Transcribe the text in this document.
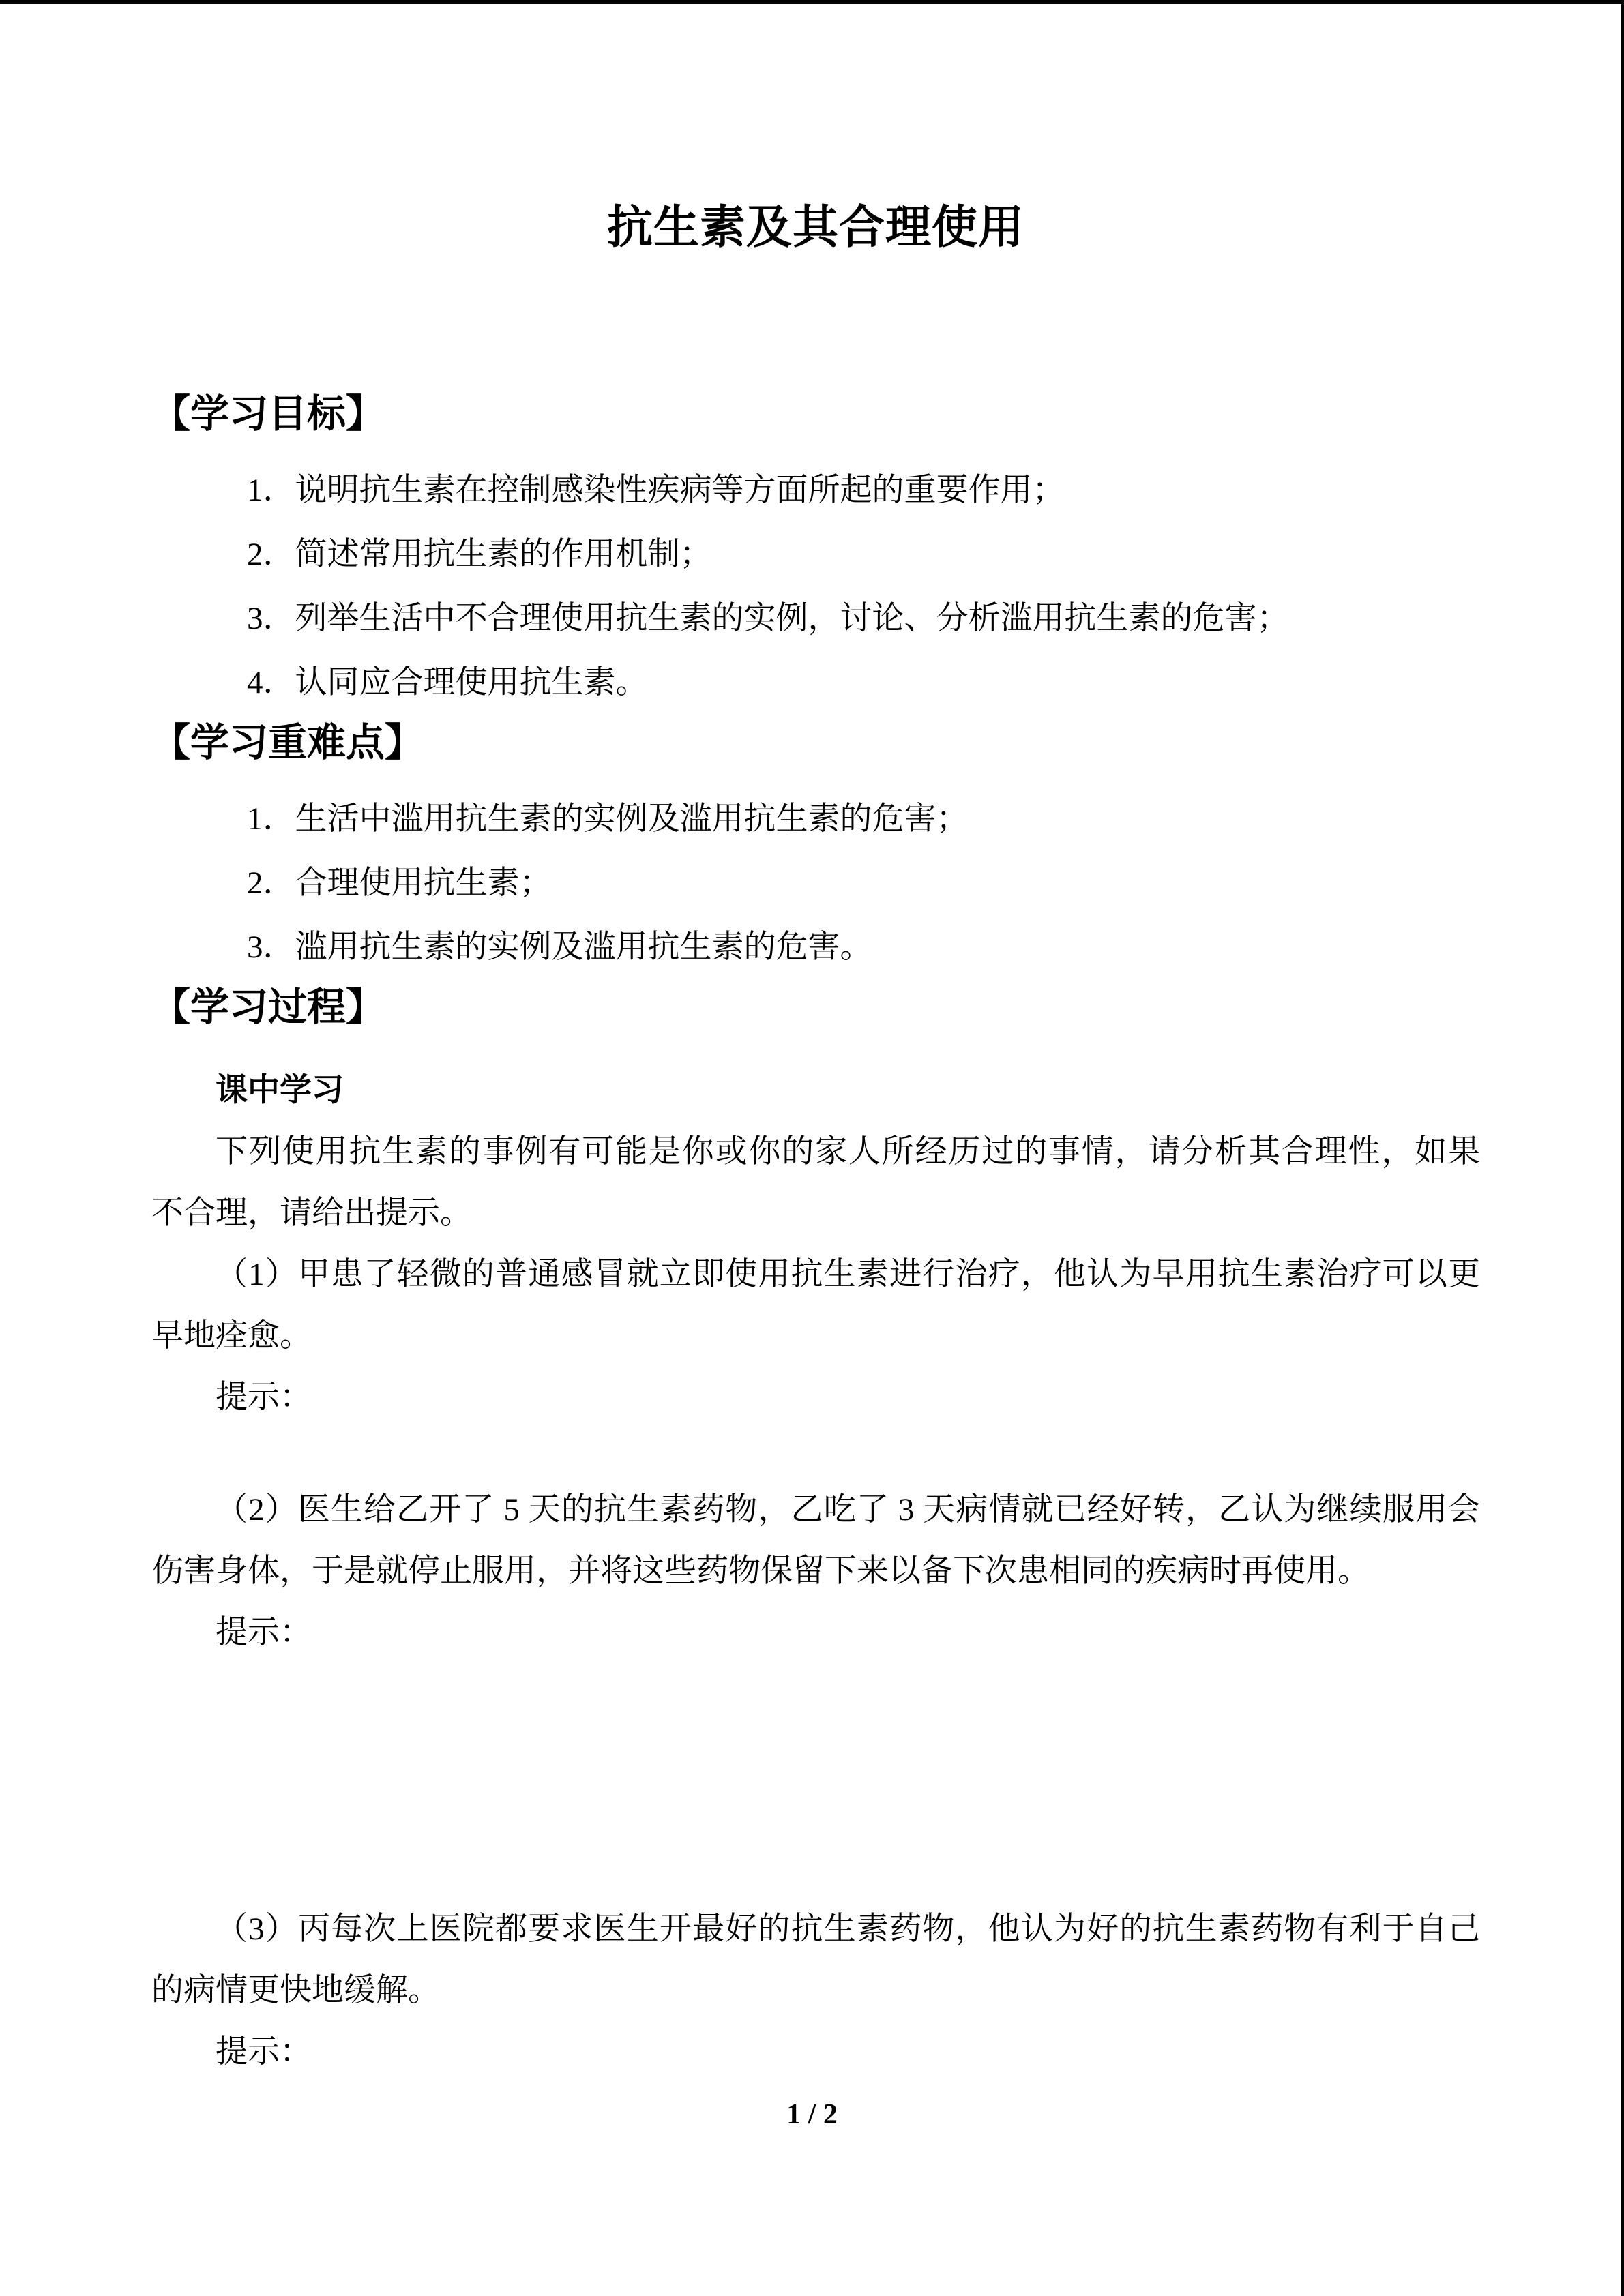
抗生素及其合理使用
【学习目标】
1．说明抗生素在控制感染性疾病等方面所起的重要作用；
2．简述常用抗生素的作用机制；
3．列举生活中不合理使用抗生素的实例，讨论、分析滥用抗生素的危害；
4．认同应合理使用抗生素。
【学习重难点】
1．生活中滥用抗生素的实例及滥用抗生素的危害；
2．合理使用抗生素；
3．滥用抗生素的实例及滥用抗生素的危害。
【学习过程】
课中学习
下列使用抗生素的事例有可能是你或你的家人所经历过的事情，请分析其合理性，如果
不合理，请给出提示。
（1）甲患了轻微的普通感冒就立即使用抗生素进行治疗，他认为早用抗生素治疗可以更
早地痊愈。
提示：
（2）医生给乙开了 5 天的抗生素药物，乙吃了 3 天病情就已经好转，乙认为继续服用会
伤害身体，于是就停止服用，并将这些药物保留下来以备下次患相同的疾病时再使用。
提示：
（3）丙每次上医院都要求医生开最好的抗生素药物，他认为好的抗生素药物有利于自己
的病情更快地缓解。
提示：
1 / 2
